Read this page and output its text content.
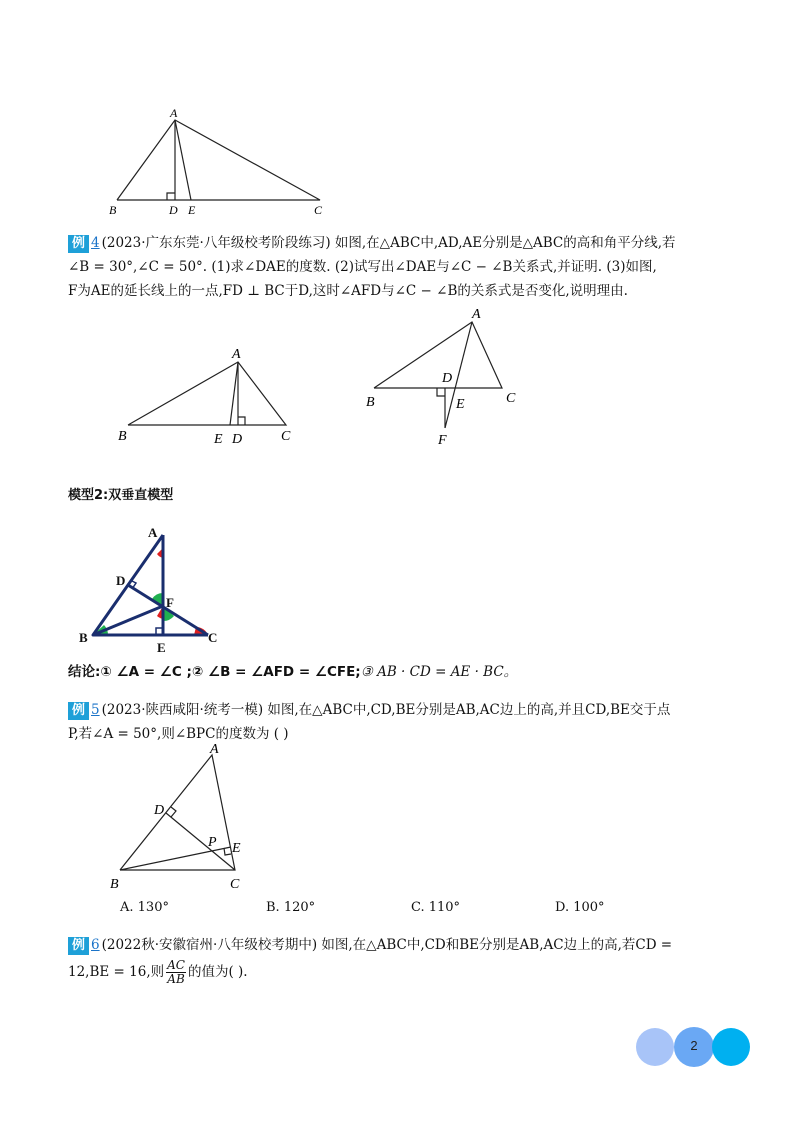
A
B	D E	C
例 4 (2023·广东东莞·八年级校考阶段练习) 如图,在△ABC中,AD,AE分别是△ABC的高和角平分线,若
∠B = 30°,∠C = 50°. (1)求∠DAE的度数. (2)试写出∠DAE与∠C − ∠B关系式,并证明. (3)如图,
F为AE的延长线上的一点,FD ⊥ BC于D,这时∠AFD与∠C − ∠B的关系式是否变化,说明理由.
A
B	E D	C
A
D
B	E	C
F
模型2:双垂直模型
A
D
F
B
E
C
结论:① ∠A = ∠C ;② ∠B = ∠AFD = ∠CFE;③ AB · CD = AE · BC。
例 5 (2023·陕西咸阳·统考一模) 如图,在△ABC中,CD,BE分别是AB,AC边上的高,并且CD,BE交于点
P,若∠A = 50°,则∠BPC的度数为 ( )
A
D
P E
B	C
A. 130°	B. 120°	C. 110°	D. 100°
例 6 (2022秋·安徽宿州·八年级校考期中) 如图,在△ABC中,CD和BE分别是AB,AC边上的高,若CD =
12,BE = 16,则 $\frac{AC}{AB}$ 的值为( ).
2
